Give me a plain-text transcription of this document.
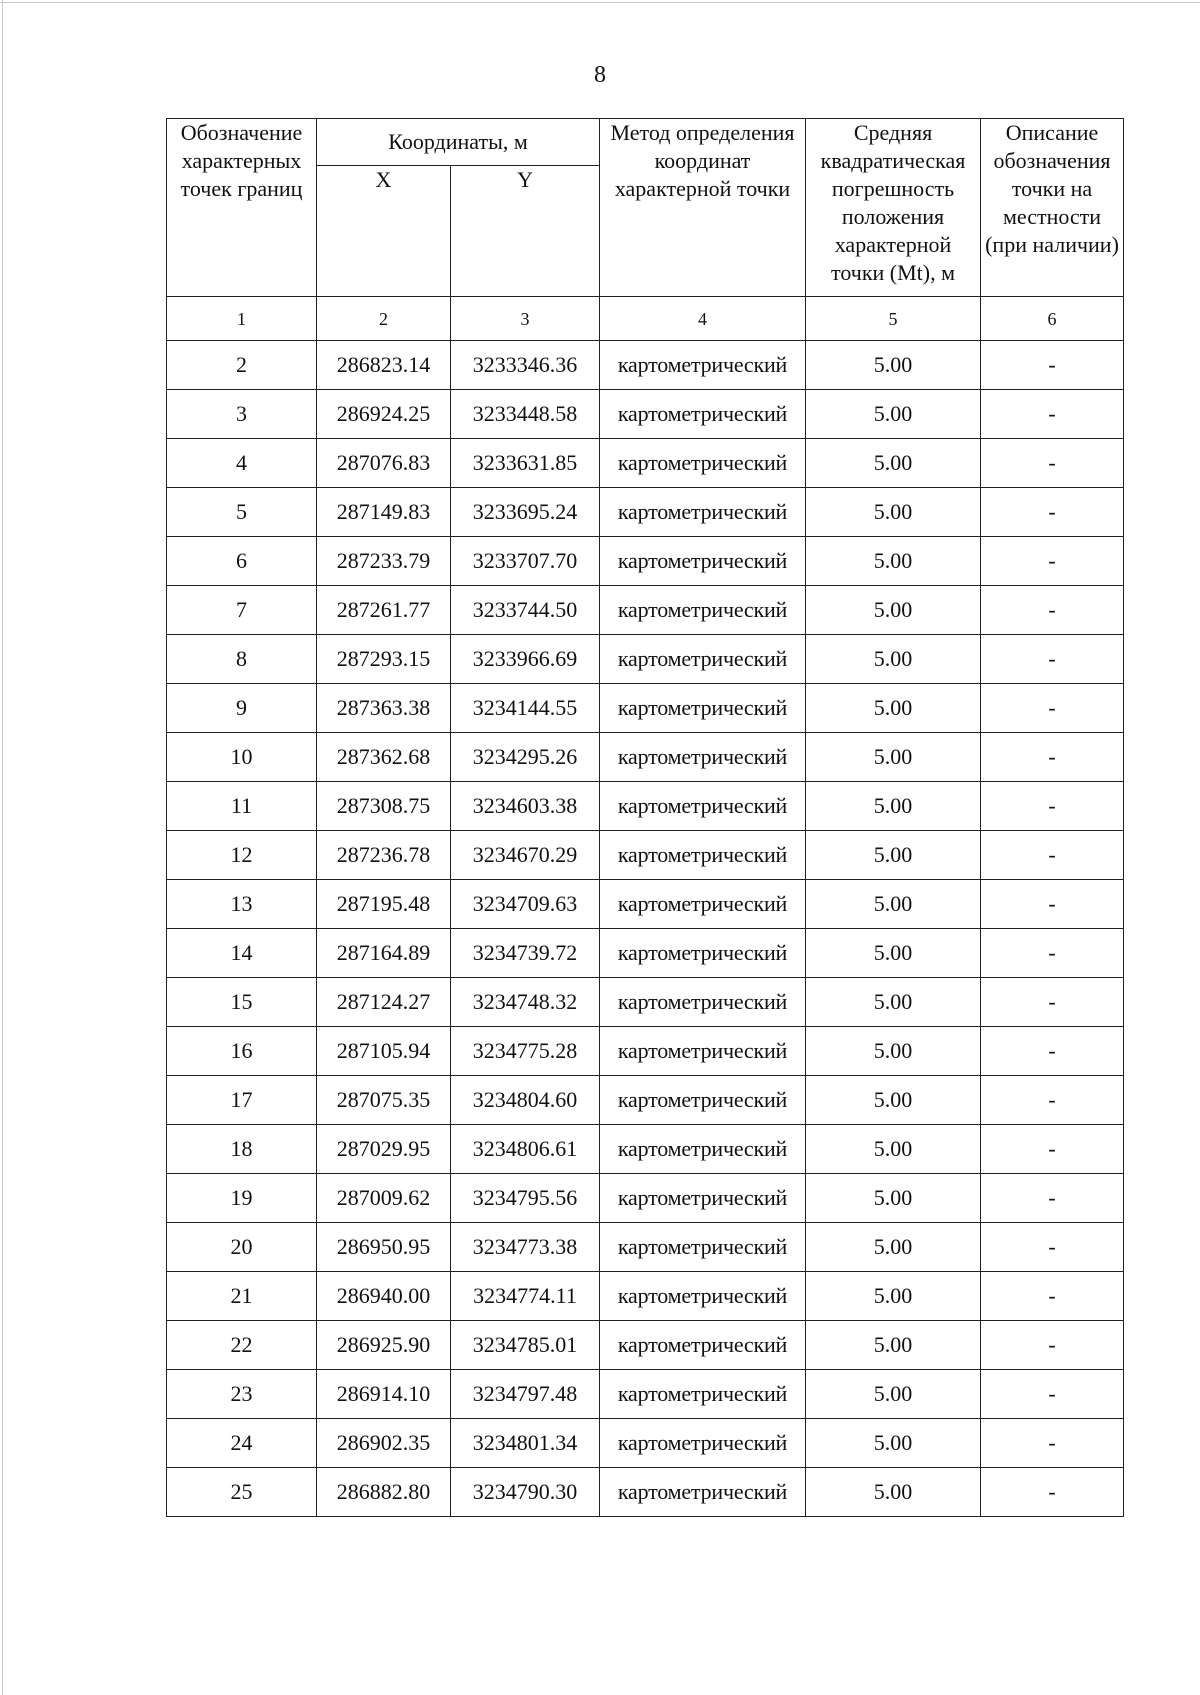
8
Обозначение характерных точек границ	Координаты, м		Метод определения координат характерной точки	Средняя квадратическая погрешность положения характерной точки (Mt), м	Описание обозначения точки на местности (при наличии)
	X	Y			
1	2	3	4	5	6
2	286823.14	3233346.36	картометрический	5.00	-
3	286924.25	3233448.58	картометрический	5.00	-
4	287076.83	3233631.85	картометрический	5.00	-
5	287149.83	3233695.24	картометрический	5.00	-
6	287233.79	3233707.70	картометрический	5.00	-
7	287261.77	3233744.50	картометрический	5.00	-
8	287293.15	3233966.69	картометрический	5.00	-
9	287363.38	3234144.55	картометрический	5.00	-
10	287362.68	3234295.26	картометрический	5.00	-
11	287308.75	3234603.38	картометрический	5.00	-
12	287236.78	3234670.29	картометрический	5.00	-
13	287195.48	3234709.63	картометрический	5.00	-
14	287164.89	3234739.72	картометрический	5.00	-
15	287124.27	3234748.32	картометрический	5.00	-
16	287105.94	3234775.28	картометрический	5.00	-
17	287075.35	3234804.60	картометрический	5.00	-
18	287029.95	3234806.61	картометрический	5.00	-
19	287009.62	3234795.56	картометрический	5.00	-
20	286950.95	3234773.38	картометрический	5.00	-
21	286940.00	3234774.11	картометрический	5.00	-
22	286925.90	3234785.01	картометрический	5.00	-
23	286914.10	3234797.48	картометрический	5.00	-
24	286902.35	3234801.34	картометрический	5.00	-
25	286882.80	3234790.30	картометрический	5.00	-
